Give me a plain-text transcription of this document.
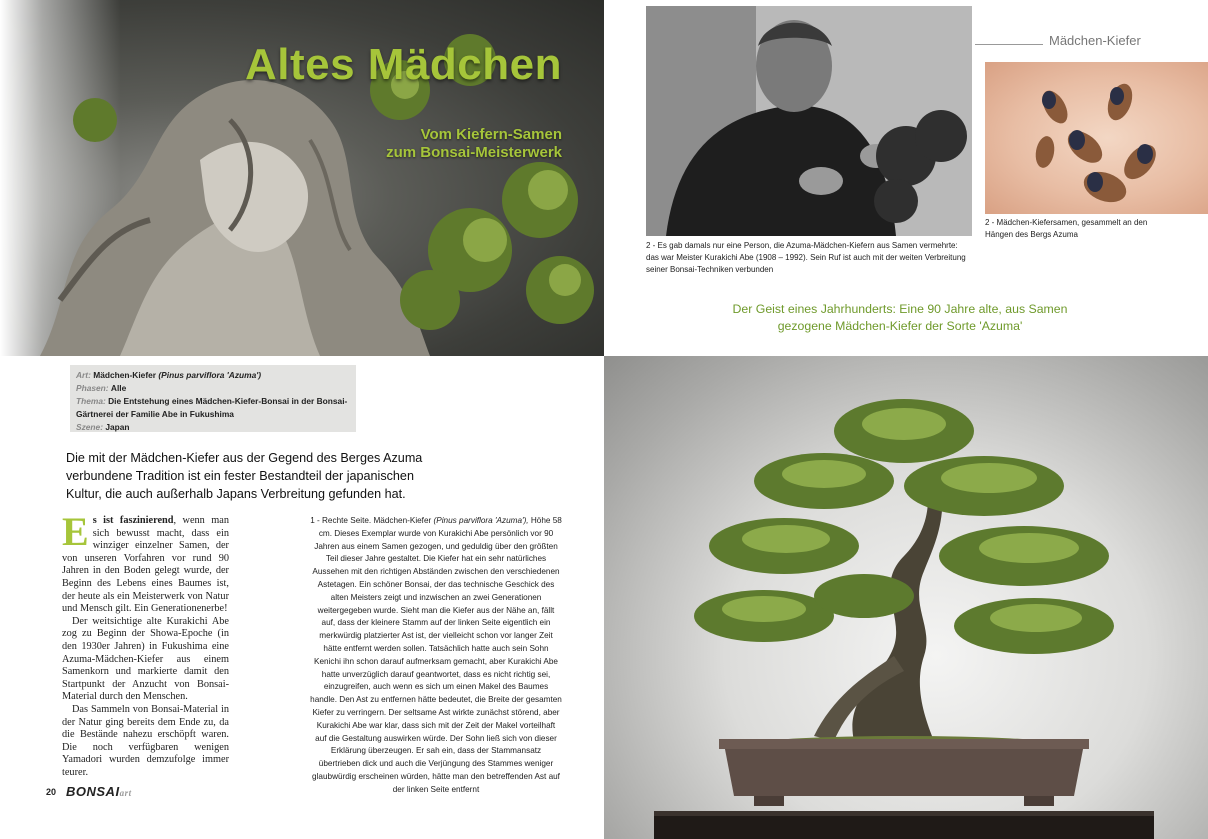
Altes Mädchen
Vom Kiefern-Samen
zum Bonsai-Meisterwerk
Art: Mädchen-Kiefer (Pinus parviflora 'Azuma')
Phasen: Alle
Thema: Die Entstehung eines Mädchen-Kiefer-Bonsai in der Bonsai-Gärtnerei der Familie Abe in Fukushima
Szene: Japan
Die mit der Mädchen-Kiefer aus der Gegend des Berges Azuma verbundene Tradition ist ein fester Bestandteil der japanischen Kultur, die auch außerhalb Japans Verbreitung gefunden hat.

Es ist faszinierend, wenn man sich bewusst macht, dass ein winziger einzelner Samen, der von unseren Vorfahren vor rund 90 Jahren in den Boden gelegt wurde, der Beginn des Lebens eines Baumes ist, der heute als ein Meisterwerk von Natur und Mensch gilt. Ein Generationenerbe!

Der weitsichtige alte Kurakichi Abe zog zu Beginn der Showa-Epoche (in den 1930er Jahren) in Fukushima eine Azuma-Mädchen-Kiefer aus einem Samenkorn und markierte damit den Startpunkt der Anzucht von Bonsai-Material durch den Menschen.

Das Sammeln von Bonsai-Material in der Natur ging bereits dem Ende zu, da die Bestände nahezu erschöpft waren. Die noch verfügbaren wenigen Yamadori wurden demzufolge immer teurer.

1 - Rechte Seite. Mädchen-Kiefer (Pinus parviflora 'Azuma'), Höhe 58 cm. Dieses Exemplar wurde von Kurakichi Abe persönlich vor 90 Jahren aus einem Samen gezogen, und geduldig über den größten Teil dieser Jahre gestaltet. Die Kiefer hat ein sehr natürliches Aussehen mit den richtigen Abständen zwischen den verschiedenen Astetagen. Ein schöner Bonsai, der das technische Geschick des alten Meisters zeigt und inzwischen an zwei Generationen weitergegeben wurde. Sieht man die Kiefer aus der Nähe an, fällt auf, dass der kleinere Stamm auf der linken Seite eigentlich ein merkwürdig platzierter Ast ist, der vielleicht schon vor langer Zeit hätte entfernt werden sollen. Tatsächlich hatte auch sein Sohn Kenichi ihn schon darauf aufmerksam gemacht, aber Kurakichi Abe hatte unverzüglich darauf geantwortet, dass es nicht richtig sei, einzugreifen, auch wenn es sich um einen Makel des Baumes handle. Den Ast zu entfernen hätte bedeutet, die Breite der gesamten Kiefer zu verringern. Der seltsame Ast wirkte zunächst störend, aber Kurakichi Abe war klar, dass sich mit der Zeit der Makel vorteilhaft auf die Gestaltung auswirken würde. Der Sohn ließ sich von dieser Erklärung überzeugen. Er sah ein, dass der Stammansatz übertrieben dick und auch die Verjüngung des Stammes weniger glaubwürdig erscheinen würden, hätte man den betreffenden Ast auf der linken Seite entfernt
20 BONSAIart
2 - Es gab damals nur eine Person, die Azuma-Mädchen-Kiefern aus Samen vermehrte: das war Meister Kurakichi Abe (1908 – 1992). Sein Ruf ist auch mit der weiten Verbreitung seiner Bonsai-Techniken verbunden
Mädchen-Kiefer
2 - Mädchen-Kiefersamen, gesammelt an den Hängen des Bergs Azuma
Der Geist eines Jahrhunderts: Eine 90 Jahre alte, aus Samen
gezogene Mädchen-Kiefer der Sorte 'Azuma'
